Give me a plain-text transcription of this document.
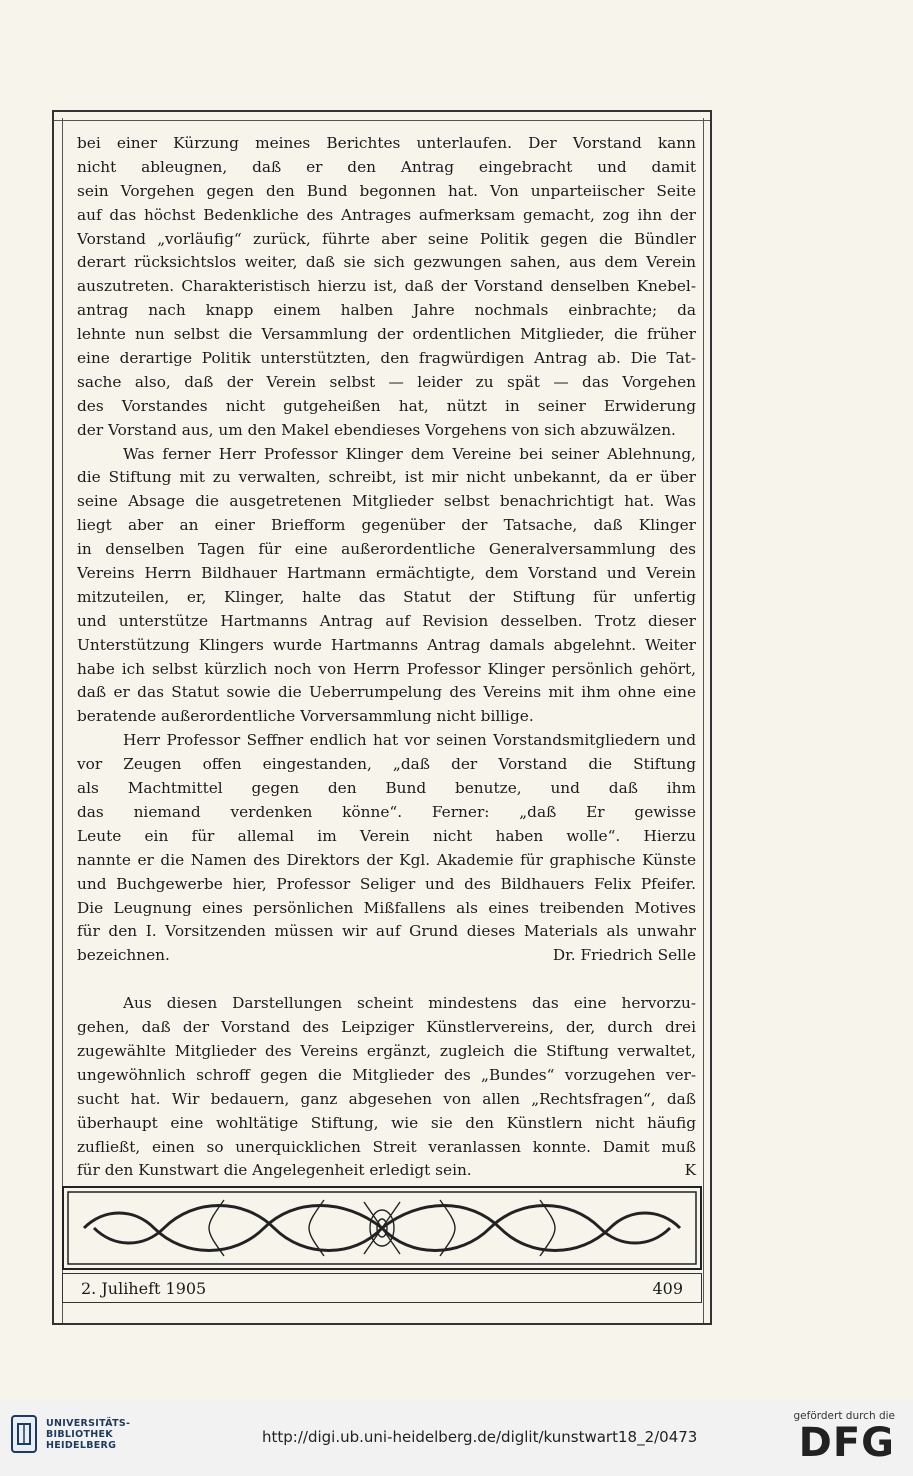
bei einer Kürzung meines Berichtes unterlaufen. Der Vorstand kann
nicht ableugnen, daß er den Antrag eingebracht und damit
sein Vorgehen gegen den Bund begonnen hat. Von unparteiischer Seite
auf das höchst Bedenkliche des Antrages aufmerksam gemacht, zog ihn der
Vorstand „vorläufig“ zurück, führte aber seine Politik gegen die Bündler
derart rücksichtslos weiter, daß sie sich gezwungen sahen, aus dem Verein
auszutreten. Charakteristisch hierzu ist, daß der Vorstand denselben Knebel-
antrag nach knapp einem halben Jahre nochmals einbrachte; da
lehnte nun selbst die Versammlung der ordentlichen Mitglieder, die früher
eine derartige Politik unterstützten, den fragwürdigen Antrag ab. Die Tat-
sache also, daß der Verein selbst — leider zu spät — das Vorgehen
des Vorstandes nicht gutgeheißen hat, nützt in seiner Erwiderung
der Vorstand aus, um den Makel ebendieses Vorgehens von sich abzuwälzen.
Was ferner Herr Professor Klinger dem Vereine bei seiner Ablehnung,
die Stiftung mit zu verwalten, schreibt, ist mir nicht unbekannt, da er über
seine Absage die ausgetretenen Mitglieder selbst benachrichtigt hat. Was
liegt aber an einer Briefform gegenüber der Tatsache, daß Klinger
in denselben Tagen für eine außerordentliche Generalversammlung des
Vereins Herrn Bildhauer Hartmann ermächtigte, dem Vorstand und Verein
mitzuteilen, er, Klinger, halte das Statut der Stiftung für unfertig
und unterstütze Hartmanns Antrag auf Revision desselben. Trotz dieser
Unterstützung Klingers wurde Hartmanns Antrag damals abgelehnt. Weiter
habe ich selbst kürzlich noch von Herrn Professor Klinger persönlich gehört,
daß er das Statut sowie die Ueberrumpelung des Vereins mit ihm ohne eine
beratende außerordentliche Vorversammlung nicht billige.
Herr Professor Seffner endlich hat vor seinen Vorstandsmitgliedern und
vor Zeugen offen eingestanden, „daß der Vorstand die Stiftung
als Machtmittel gegen den Bund benutze, und daß ihm
das niemand verdenken könne“. Ferner: „daß Er gewisse
Leute ein für allemal im Verein nicht haben wolle“. Hierzu
nannte er die Namen des Direktors der Kgl. Akademie für graphische Künste
und Buchgewerbe hier, Professor Seliger und des Bildhauers Felix Pfeifer.
Die Leugnung eines persönlichen Mißfallens als eines treibenden Motives
für den I. Vorsitzenden müssen wir auf Grund dieses Materials als unwahr
bezeichnen.	Dr. Friedrich Selle
Aus diesen Darstellungen scheint mindestens das eine hervorzu-
gehen, daß der Vorstand des Leipziger Künstlervereins, der, durch drei
zugewählte Mitglieder des Vereins ergänzt, zugleich die Stiftung verwaltet,
ungewöhnlich schroff gegen die Mitglieder des „Bundes“ vorzugehen ver-
sucht hat. Wir bedauern, ganz abgesehen von allen „Rechtsfragen“, daß
überhaupt eine wohltätige Stiftung, wie sie den Künstlern nicht häufig
zufließt, einen so unerquicklichen Streit veranlassen konnte. Damit muß
für den Kunstwart die Angelegenheit erledigt sein.	K
2. Juliheft 1905	409
UNIVERSITÄTS-
BIBLIOTHEK
HEIDELBERG	http://digi.ub.uni-heidelberg.de/diglit/kunstwart18_2/0473
gefördert durch die
DFG
